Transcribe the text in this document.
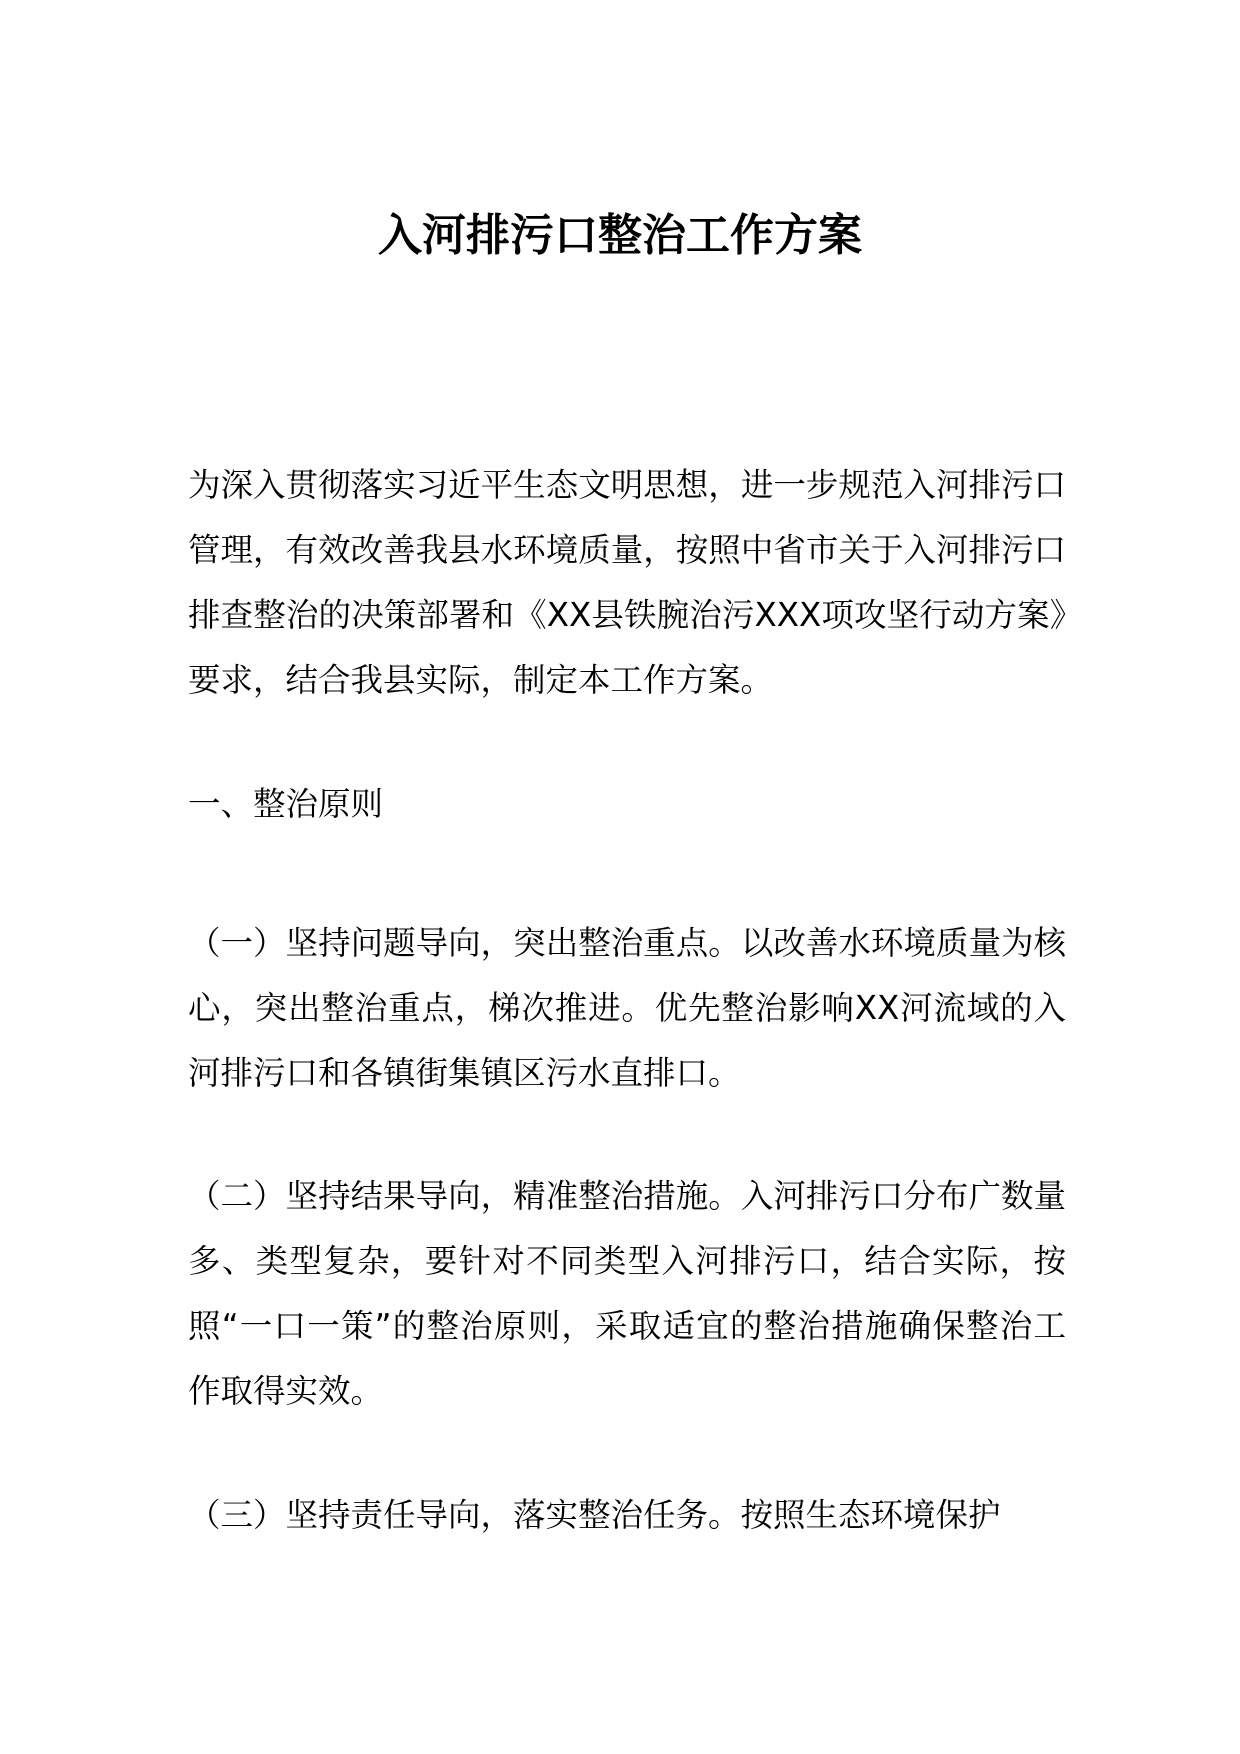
入河排污口整治工作方案
为深入贯彻落实习近平生态文明思想，进一步规范入河排污口管理，有效改善我县水环境质量，按照中省市关于入河排污口排查整治的决策部署和《XX县铁腕治污XXX项攻坚行动方案》要求，结合我县实际，制定本工作方案。
一、整治原则
（一）坚持问题导向，突出整治重点。以改善水环境质量为核心，突出整治重点，梯次推进。优先整治影响XX河流域的入河排污口和各镇街集镇区污水直排口。
（二）坚持结果导向，精准整治措施。入河排污口分布广数量多、类型复杂，要针对不同类型入河排污口，结合实际，按照“一口一策”的整治原则，采取适宜的整治措施确保整治工作取得实效。
（三）坚持责任导向，落实整治任务。按照生态环境保护
